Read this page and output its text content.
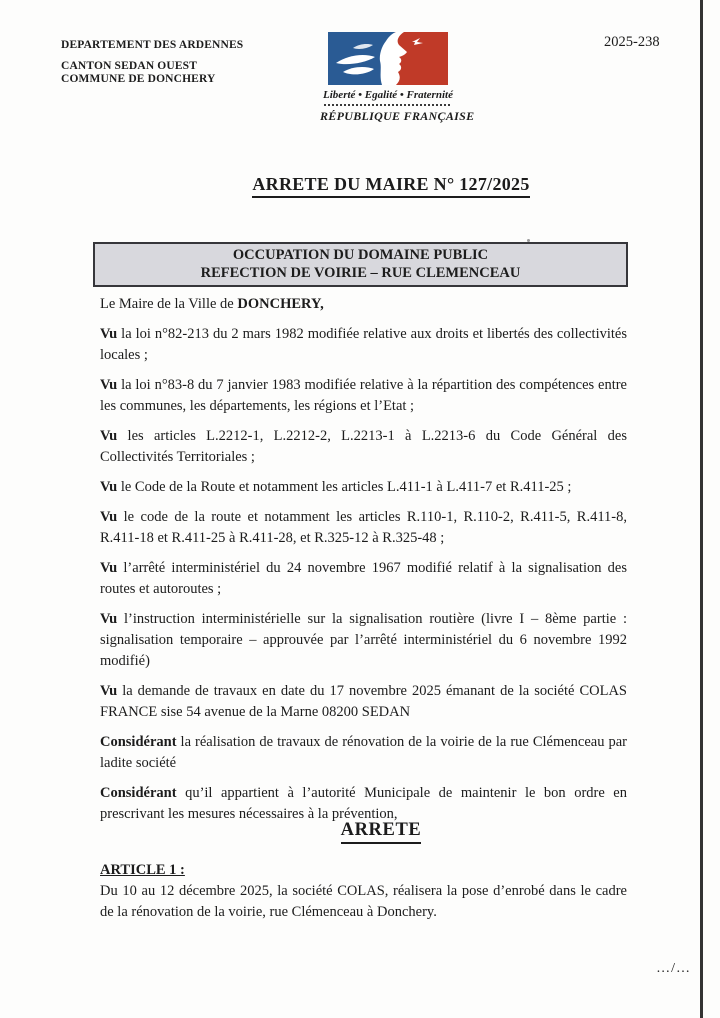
DEPARTEMENT DES ARDENNES

CANTON SEDAN OUEST

COMMUNE DE DONCHERY

Liberté • Egalité • Fraternité
RÉPUBLIQUE FRANÇAISE
2025-238
ARRETE DU MAIRE N° 127/2025
OCCUPATION DU DOMAINE PUBLIC
REFECTION DE VOIRIE – RUE CLEMENCEAU

Le Maire de la Ville de DONCHERY,

Vu la loi n°82-213 du 2 mars 1982 modifiée relative aux droits et libertés des collectivités locales ;

Vu la loi n°83-8 du 7 janvier 1983 modifiée relative à la répartition des compétences entre les communes, les départements, les régions et l’Etat ;

Vu les articles L.2212-1, L.2212-2, L.2213-1 à L.2213-6 du Code Général des Collectivités Territoriales ;

Vu le Code de la Route et notamment les articles L.411-1 à L.411-7 et R.411-25 ;

Vu le code de la route et notamment les articles R.110-1, R.110-2, R.411-5, R.411-8, R.411-18 et R.411-25 à R.411-28, et R.325-12 à R.325-48 ;

Vu l’arrêté interministériel du 24 novembre 1967 modifié relatif à la signalisation des routes et autoroutes ;

Vu l’instruction interministérielle sur la signalisation routière (livre I – 8ème partie : signalisation temporaire – approuvée par l’arrêté interministériel du 6 novembre 1992 modifié)

Vu la demande de travaux en date du 17 novembre 2025 émanant de la société COLAS FRANCE sise 54 avenue de la Marne 08200 SEDAN

Considérant la réalisation de travaux de rénovation de la voirie de la rue Clémenceau par ladite société

Considérant qu’il appartient à l’autorité Municipale de maintenir le bon ordre en prescrivant les mesures nécessaires à la prévention,

ARRETE

ARTICLE 1 :

Du 10 au 12 décembre 2025, la société COLAS, réalisera la pose d’enrobé dans le cadre de la rénovation de la voirie, rue Clémenceau à Donchery.

…/…
